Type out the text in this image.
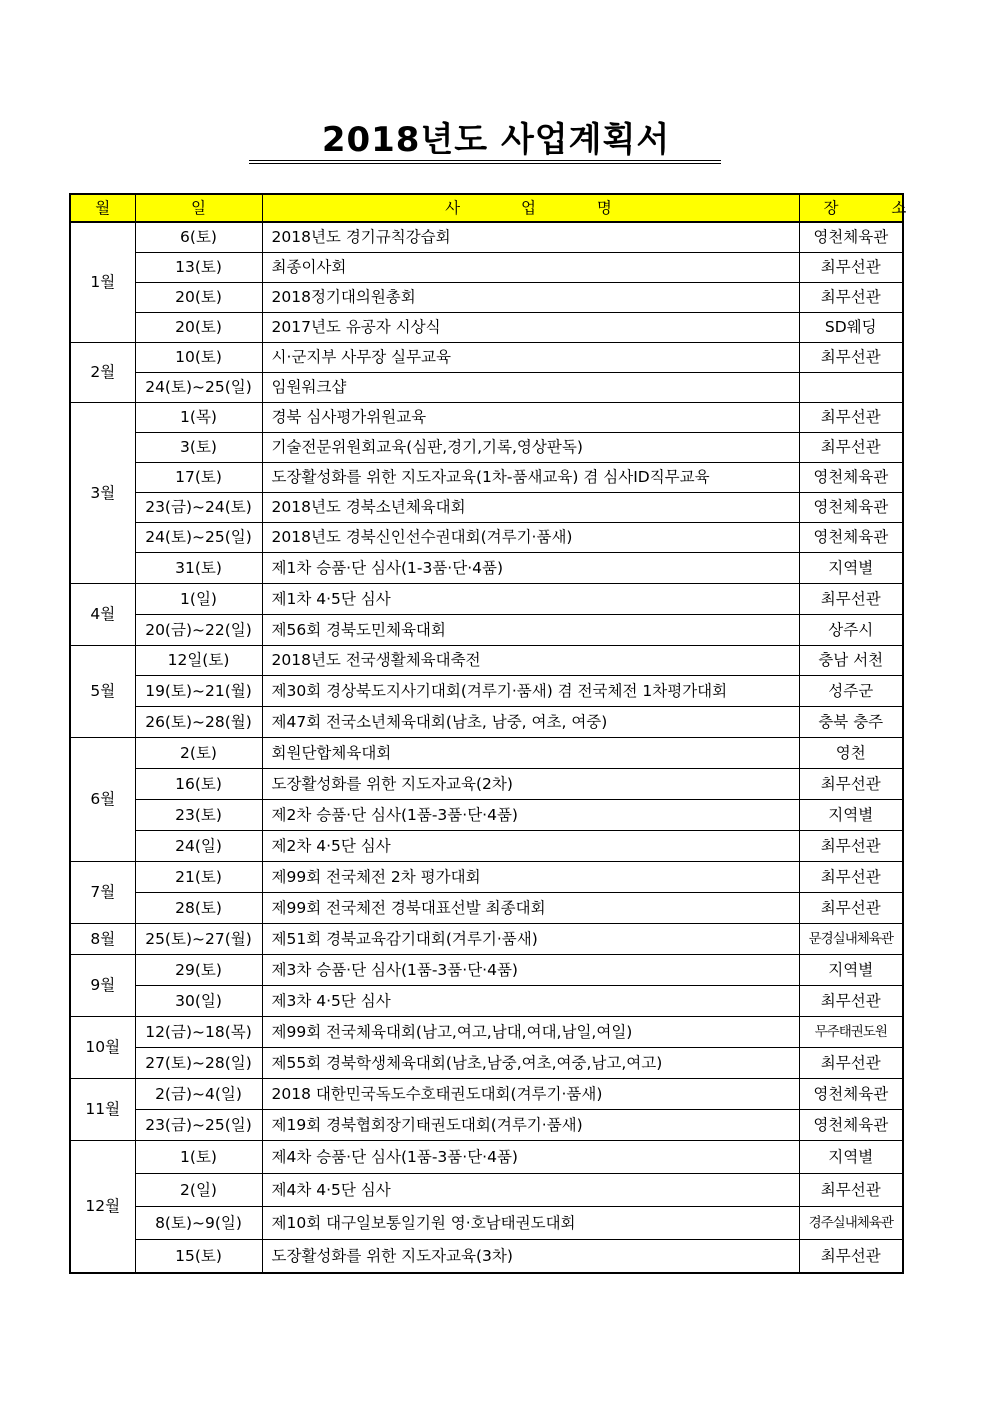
2018년도 사업계획서
월	일	사 업 명	장 소
1월	6(토)	2018년도 경기규칙강습회	영천체육관
	13(토)	최종이사회	최무선관
	20(토)	2018정기대의원총회	최무선관
	20(토)	2017년도 유공자 시상식	SD웨딩
2월	10(토)	시·군지부 사무장 실무교육	최무선관
	24(토)~25(일)	임원워크샵	
3월	1(목)	경북 심사평가위원교육	최무선관
	3(토)	기술전문위원회교육(심판,경기,기록,영상판독)	최무선관
	17(토)	도장활성화를 위한 지도자교육(1차-품새교육) 겸 심사ID직무교육	영천체육관
	23(금)~24(토)	2018년도 경북소년체육대회	영천체육관
	24(토)~25(일)	2018년도 경북신인선수권대회(겨루기·품새)	영천체육관
	31(토)	제1차 승품·단 심사(1-3품·단·4품)	지역별
4월	1(일)	제1차 4·5단 심사	최무선관
	20(금)~22(일)	제56회 경북도민체육대회	상주시
5월	12일(토)	2018년도 전국생활체육대축전	충남 서천
	19(토)~21(월)	제30회 경상북도지사기대회(겨루기·품새) 겸 전국체전 1차평가대회	성주군
	26(토)~28(월)	제47회 전국소년체육대회(남초, 남중, 여초, 여중)	충북 충주
6월	2(토)	회원단합체육대회	영천
	16(토)	도장활성화를 위한 지도자교육(2차)	최무선관
	23(토)	제2차 승품·단 심사(1품-3품·단·4품)	지역별
	24(일)	제2차 4·5단 심사	최무선관
7월	21(토)	제99회 전국체전 2차 평가대회	최무선관
	28(토)	제99회 전국체전 경북대표선발 최종대회	최무선관
8월	25(토)~27(월)	제51회 경북교육감기대회(겨루기·품새)	문경실내체육관
9월	29(토)	제3차 승품·단 심사(1품-3품·단·4품)	지역별
	30(일)	제3차 4·5단 심사	최무선관
10월	12(금)~18(목)	제99회 전국체육대회(남고,여고,남대,여대,남일,여일)	무주태권도원
	27(토)~28(일)	제55회 경북학생체육대회(남초,남중,여초,여중,남고,여고)	최무선관
11월	2(금)~4(일)	2018 대한민국독도수호태권도대회(겨루기·품새)	영천체육관
	23(금)~25(일)	제19회 경북협회장기태권도대회(겨루기·품새)	영천체육관
12월	1(토)	제4차 승품·단 심사(1품-3품·단·4품)	지역별
	2(일)	제4차 4·5단 심사	최무선관
	8(토)~9(일)	제10회 대구일보통일기원 영·호남태권도대회	경주실내체육관
	15(토)	도장활성화를 위한 지도자교육(3차)	최무선관
